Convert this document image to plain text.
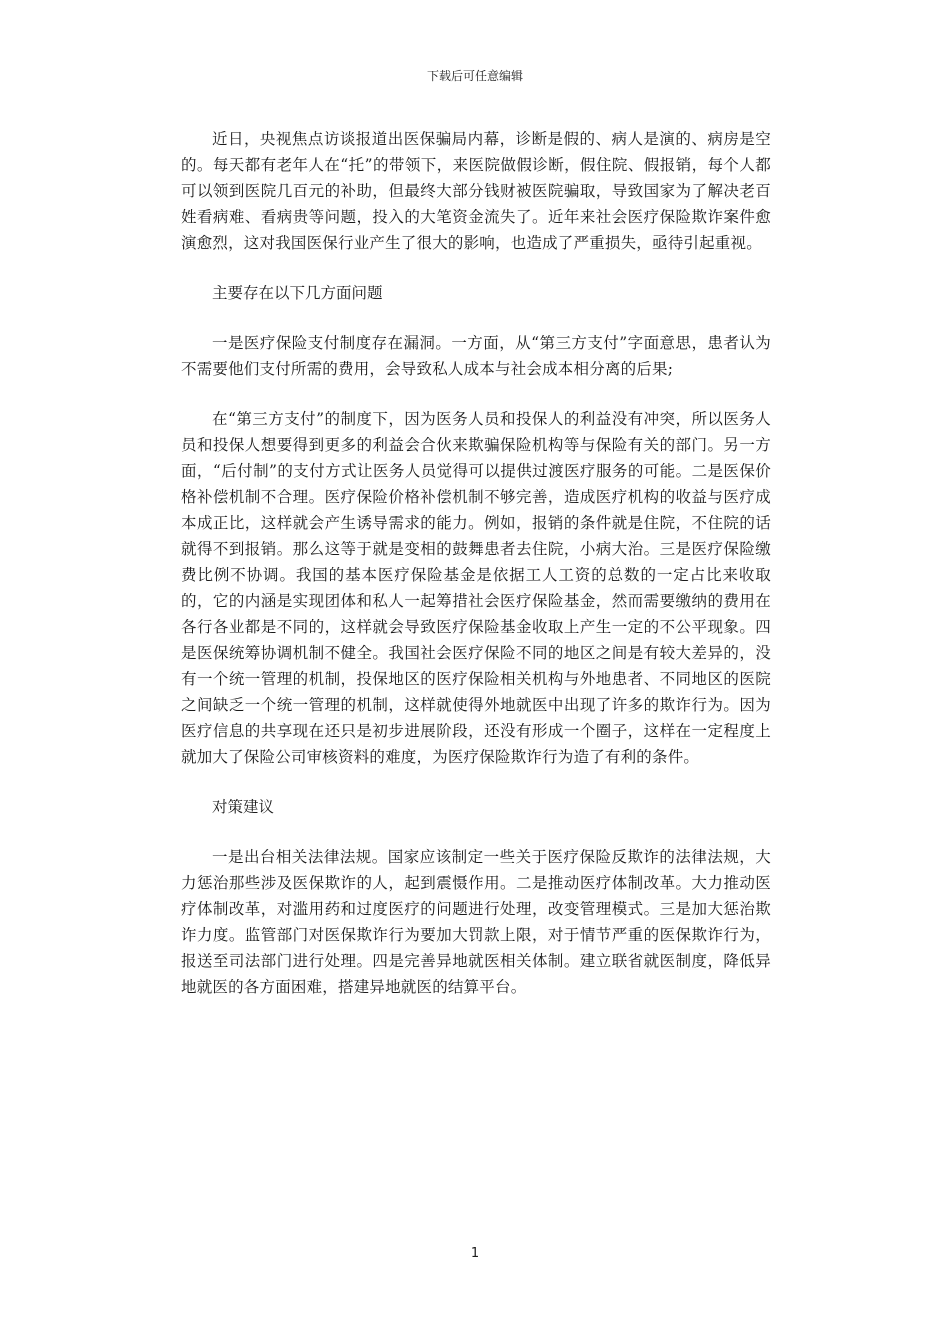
下载后可任意编辑

近日，央视焦点访谈报道出医保骗局内幕，诊断是假的、病人是演的、病房是空的。每天都有老年人在“托”的带领下，来医院做假诊断，假住院、假报销，每个人都可以领到医院几百元的补助，但最终大部分钱财被医院骗取，导致国家为了解决老百姓看病难、看病贵等问题，投入的大笔资金流失了。近年来社会医疗保险欺诈案件愈演愈烈，这对我国医保行业产生了很大的影响，也造成了严重损失，亟待引起重视。

主要存在以下几方面问题

一是医疗保险支付制度存在漏洞。一方面，从“第三方支付”字面意思，患者认为不需要他们支付所需的费用，会导致私人成本与社会成本相分离的后果;

在“第三方支付”的制度下，因为医务人员和投保人的利益没有冲突，所以医务人员和投保人想要得到更多的利益会合伙来欺骗保险机构等与保险有关的部门。另一方面，“后付制”的支付方式让医务人员觉得可以提供过渡医疗服务的可能。二是医保价格补偿机制不合理。医疗保险价格补偿机制不够完善，造成医疗机构的收益与医疗成本成正比，这样就会产生诱导需求的能力。例如，报销的条件就是住院，不住院的话就得不到报销。那么这等于就是变相的鼓舞患者去住院，小病大治。三是医疗保险缴费比例不协调。我国的基本医疗保险基金是依据工人工资的总数的一定占比来收取的，它的内涵是实现团体和私人一起筹措社会医疗保险基金，然而需要缴纳的费用在各行各业都是不同的，这样就会导致医疗保险基金收取上产生一定的不公平现象。四是医保统筹协调机制不健全。我国社会医疗保险不同的地区之间是有较大差异的，没有一个统一管理的机制，投保地区的医疗保险相关机构与外地患者、不同地区的医院之间缺乏一个统一管理的机制，这样就使得外地就医中出现了许多的欺诈行为。因为医疗信息的共享现在还只是初步进展阶段，还没有形成一个圈子，这样在一定程度上就加大了保险公司审核资料的难度，为医疗保险欺诈行为造了有利的条件。

对策建议

一是出台相关法律法规。国家应该制定一些关于医疗保险反欺诈的法律法规，大力惩治那些涉及医保欺诈的人，起到震慑作用。二是推动医疗体制改革。大力推动医疗体制改革，对滥用药和过度医疗的问题进行处理，改变管理模式。三是加大惩治欺诈力度。监管部门对医保欺诈行为要加大罚款上限，对于情节严重的医保欺诈行为，报送至司法部门进行处理。四是完善异地就医相关体制。建立联省就医制度，降低异地就医的各方面困难，搭建异地就医的结算平台。

1
